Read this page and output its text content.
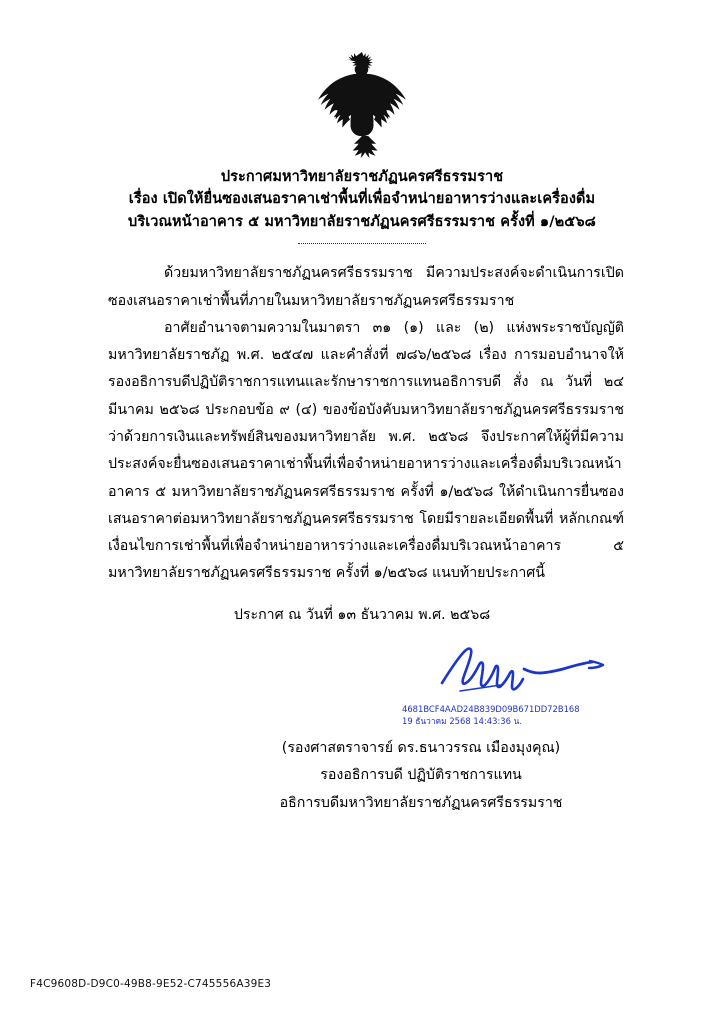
ประกาศมหาวิทยาลัยราชภัฏนครศรีธรรมราช
เรื่อง เปิดให้ยื่นซองเสนอราคาเช่าพื้นที่เพื่อจำหน่ายอาหารว่างและเครื่องดื่ม
บริเวณหน้าอาคาร ๕ มหาวิทยาลัยราชภัฏนครศรีธรรมราช ครั้งที่ ๑/๒๕๖๘

ด้วยมหาวิทยาลัยราชภัฏนครศรีธรรมราช มีความประสงค์จะดำเนินการเปิดซองเสนอราคาเช่าพื้นที่ภายในมหาวิทยาลัยราชภัฏนครศรีธรรมราช

อาศัยอำนาจตามความในมาตรา ๓๑ (๑) และ (๒) แห่งพระราชบัญญัติมหาวิทยาลัยราชภัฏ พ.ศ. ๒๕๔๗ และคำสั่งที่ ๗๘๖/๒๕๖๘ เรื่อง การมอบอำนาจให้รองอธิการบดีปฏิบัติราชการแทนและรักษาราชการแทนอธิการบดี สั่ง ณ วันที่ ๒๔ มีนาคม ๒๕๖๘ ประกอบข้อ ๙ (๔) ของข้อบังคับมหาวิทยาลัยราชภัฏนครศรีธรรมราช ว่าด้วยการเงินและทรัพย์สินของมหาวิทยาลัย พ.ศ. ๒๕๖๘ จึงประกาศให้ผู้ที่มีความประสงค์จะยื่นซองเสนอราคาเช่าพื้นที่เพื่อจำหน่ายอาหารว่างและเครื่องดื่มบริเวณหน้าอาคาร ๕ มหาวิทยาลัยราชภัฏนครศรีธรรมราช ครั้งที่ ๑/๒๕๖๘ ให้ดำเนินการยื่นซองเสนอราคาต่อมหาวิทยาลัยราชภัฏนครศรีธรรมราช โดยมีรายละเอียดพื้นที่ หลักเกณฑ์ เงื่อนไขการเช่าพื้นที่เพื่อจำหน่ายอาหารว่างและเครื่องดื่มบริเวณหน้าอาคาร ๕ มหาวิทยาลัยราชภัฏนครศรีธรรมราช ครั้งที่ ๑/๒๕๖๘ แนบท้ายประกาศนี้

ประกาศ ณ วันที่ ๑๓ ธันวาคม พ.ศ. ๒๕๖๘
4681BCF4AAD24B839D09B671DD72B168
19 ธันวาคม 2568 14:43:36 น.
(รองศาสตราจารย์ ดร.ธนาวรรณ เมืองมุงคุณ)
รองอธิการบดี ปฏิบัติราชการแทน
อธิการบดีมหาวิทยาลัยราชภัฏนครศรีธรรมราช
F4C9608D-D9C0-49B8-9E52-C745556A39E3
